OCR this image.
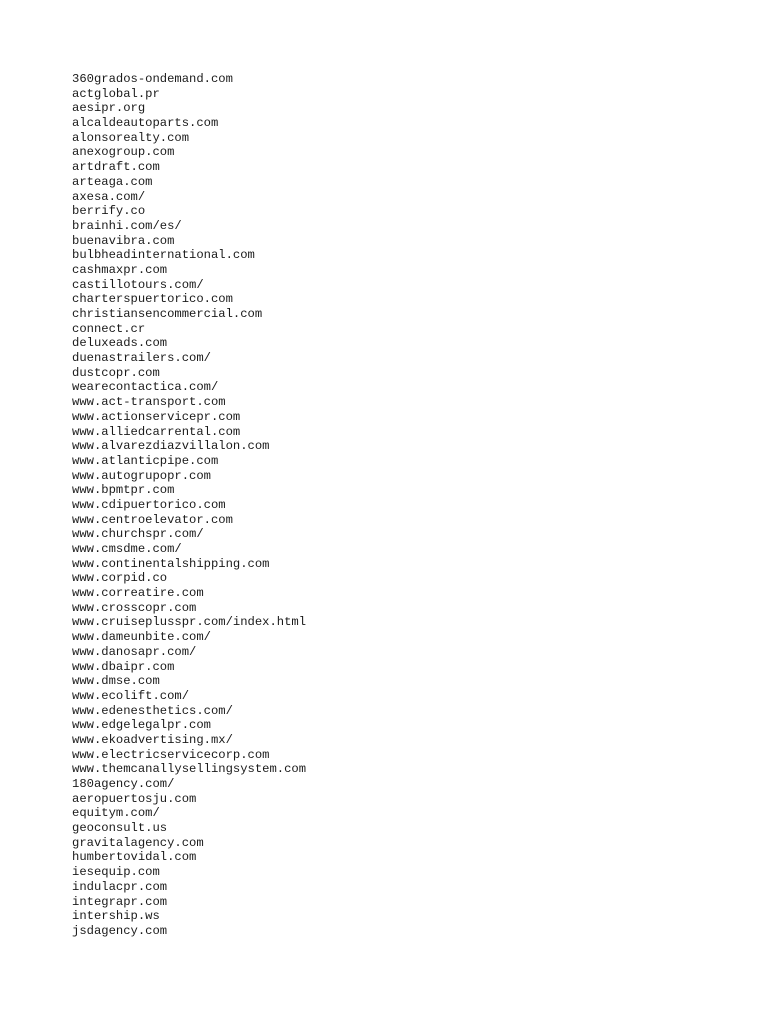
360grados-ondemand.com
actglobal.pr
aesipr.org
alcaldeautoparts.com
alonsorealty.com
anexogroup.com
artdraft.com
arteaga.com
axesa.com/
berrify.co
brainhi.com/es/
buenavibra.com
bulbheadinternational.com
cashmaxpr.com
castillotours.com/
charterspuertorico.com
christiansencommercial.com
connect.cr
deluxeads.com
duenastrailers.com/
dustcopr.com
wearecontactica.com/
www.act-transport.com
www.actionservicepr.com
www.alliedcarrental.com
www.alvarezdiazvillalon.com
www.atlanticpipe.com
www.autogrupopr.com
www.bpmtpr.com
www.cdipuertorico.com
www.centroelevator.com
www.churchspr.com/
www.cmsdme.com/
www.continentalshipping.com
www.corpid.co
www.correatire.com
www.crosscopr.com
www.cruiseplusspr.com/index.html
www.dameunbite.com/
www.danosapr.com/
www.dbaipr.com
www.dmse.com
www.ecolift.com/
www.edenesthetics.com/
www.edgelegalpr.com
www.ekoadvertising.mx/
www.electricservicecorp.com
www.themcanallysellingsystem.com
180agency.com/
aeropuertosju.com
equitym.com/
geoconsult.us
gravitalagency.com
humbertovidal.com
iesequip.com
indulacpr.com
integrapr.com
intership.ws
jsdagency.com
